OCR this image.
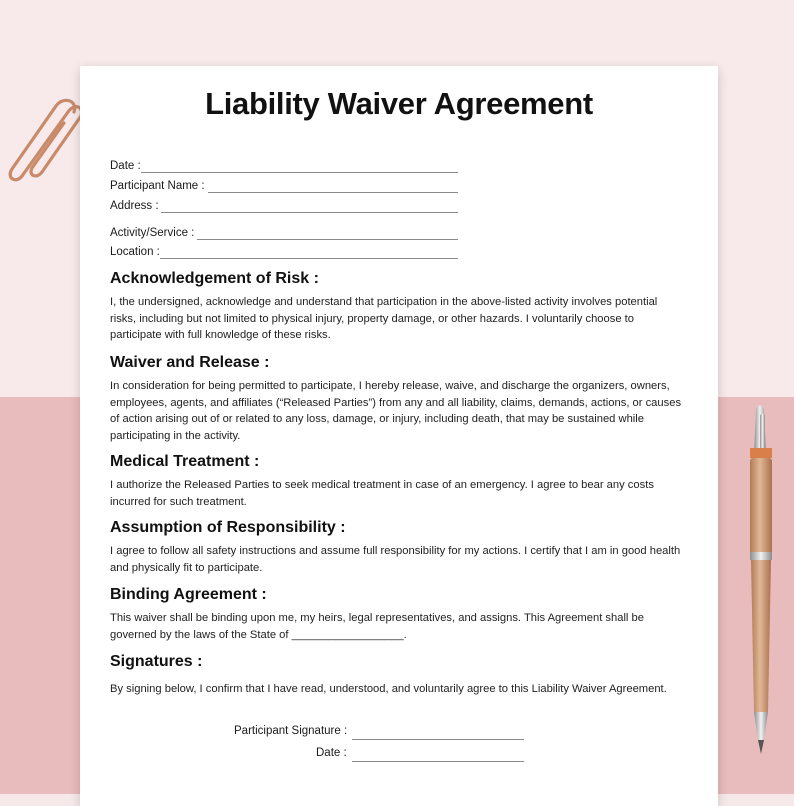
Liability Waiver Agreement
Date :
Participant Name :
Address :
Activity/Service :
Location :
Acknowledgement of Risk :

I, the undersigned, acknowledge and understand that participation in the above-listed activity involves potential risks, including but not limited to physical injury, property damage, or other hazards. I voluntarily choose to participate with full knowledge of these risks.

Waiver and Release :

In consideration for being permitted to participate, I hereby release, waive, and discharge the organizers, owners, employees, agents, and affiliates (“Released Parties”) from any and all liability, claims, demands, actions, or causes of action arising out of or related to any loss, damage, or injury, including death, that may be sustained while participating in the activity.

Medical Treatment :

I authorize the Released Parties to seek medical treatment in case of an emergency. I agree to bear any costs incurred for such treatment.

Assumption of Responsibility :

I agree to follow all safety instructions and assume full responsibility for my actions. I certify that I am in good health and physically fit to participate.

Binding Agreement :

This waiver shall be binding upon me, my heirs, legal representatives, and assigns. This Agreement shall be governed by the laws of the State of __________________.

Signatures :

By signing below, I confirm that I have read, understood, and voluntarily agree to this Liability Waiver Agreement.

Participant Signature :
Date :
